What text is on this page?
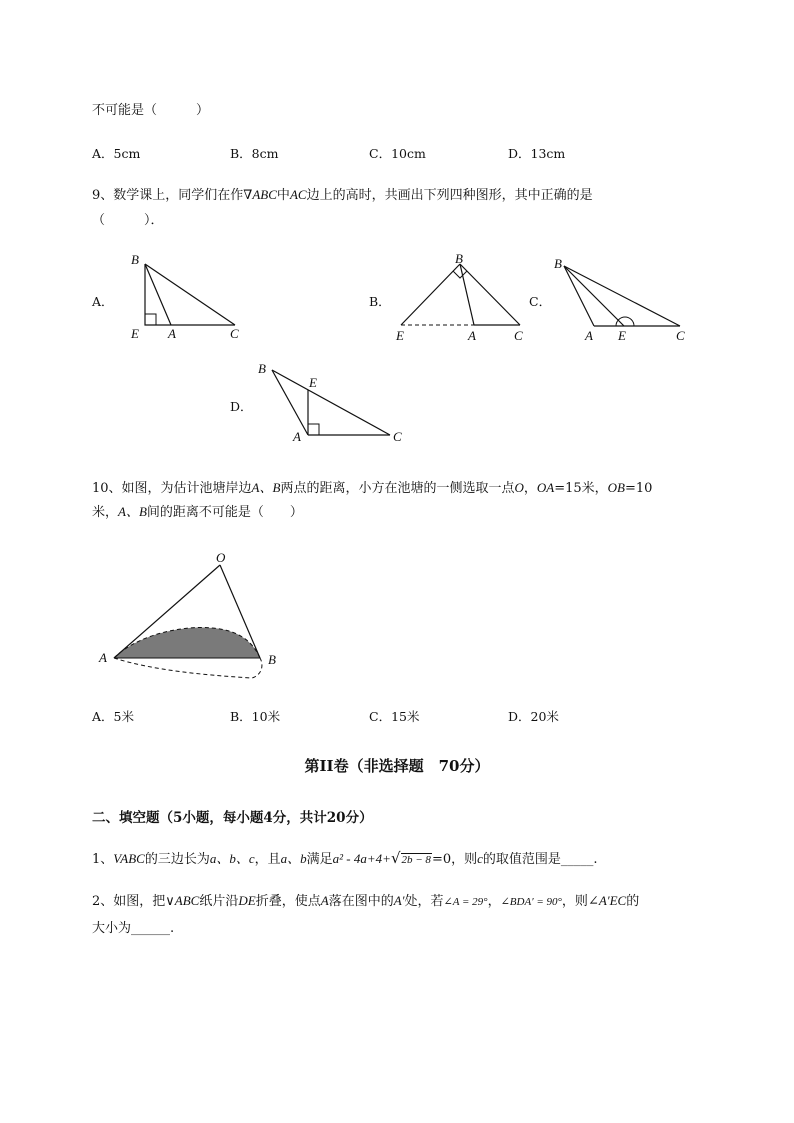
不可能是（　　　）
A．5cm	B．8cm	C．10cm	D．13cm
9、数学课上，同学们在作∇ABC中AC边上的高时，共画出下列四种图形，其中正确的是
（　　　）．
A．	B．	C．
D．
B
E A	C
B
E	A	C
B
A E	C
B
E
A	C
10、如图，为估计池塘岸边A、B两点的距离，小方在池塘的一侧选取一点O，OA=15米，OB=10
米，A、B间的距离不可能是（　　）
O
A	B
A．5米	B．10米	C．15米	D．20米
第II卷（非选择题　70分）
二、填空题（5小题，每小题4分，共计20分）
1、VABC的三边长为a、b、c，且a、b满足a² - 4a+4+√2b − 8=0，则c的取值范围是_____.
2、如图，把∨ABC纸片沿DE折叠，使点A落在图中的A′处，若∠A = 29°，∠BDA′ = 90°，则∠A′EC的
大小为______.
